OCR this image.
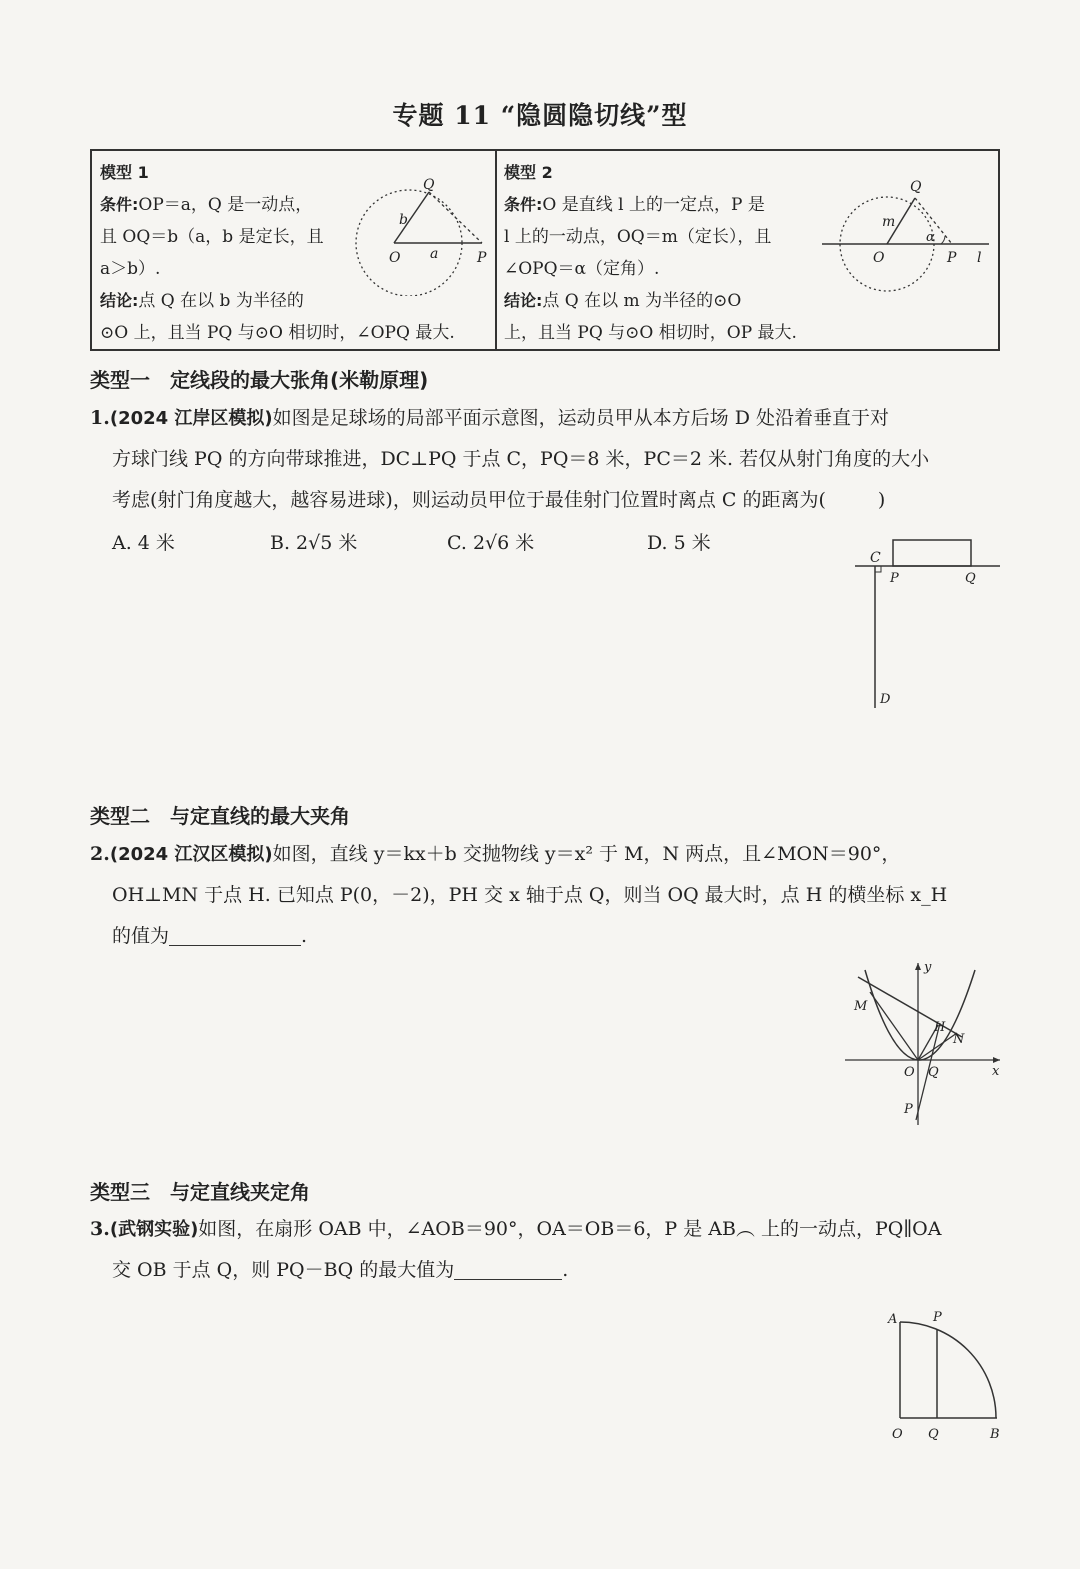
专题 11 “隐圆隐切线”型
模型 1
条件:OP＝a，Q 是一动点，
且 OQ＝b（a，b 是定长，且
a＞b）.
结论:点 Q 在以 b 为半径的
⊙O 上，且当 PQ 与⊙O 相切时，∠OPQ 最大.
Q
b
O a	P
模型 2
条件:O 是直线 l 上的一定点，P 是
l 上的一动点，OQ＝m（定长），且
∠OPQ＝α（定角）.
结论:点 Q 在以 m 为半径的⊙O
上，且当 PQ 与⊙O 相切时，OP 最大.
Q
m
O
α
P l
类型一　定线段的最大张角(米勒原理)
1.(2024 江岸区模拟)如图是足球场的局部平面示意图，运动员甲从本方后场 D 处沿着垂直于对
方球门线 PQ 的方向带球推进，DC⊥PQ 于点 C，PQ＝8 米，PC＝2 米. 若仅从射门角度的大小
考虑(射门角度越大，越容易进球)，则运动员甲位于最佳射门位置时离点 C 的距离为(	)
A. 4 米	B. 2√5 米	C. 2√6 米	D. 5 米
C
P	Q
D
类型二　与定直线的最大夹角
2.(2024 江汉区模拟)如图，直线 y＝kx＋b 交抛物线 y＝x² 于 M，N 两点，且∠MON＝90°，
OH⊥MN 于点 H. 已知点 P(0，－2)，PH 交 x 轴于点 Q，则当 OQ 最大时，点 H 的横坐标 x_H
的值为	.
y
x
M
H
N
O Q
P
类型三　与定直线夹定角
3.(武钢实验)如图，在扇形 OAB 中，∠AOB＝90°，OA＝OB＝6，P 是 AB︵ 上的一动点，PQ∥OA
交 OB 于点 Q，则 PQ－BQ 的最大值为	.
A	P
O Q	B
